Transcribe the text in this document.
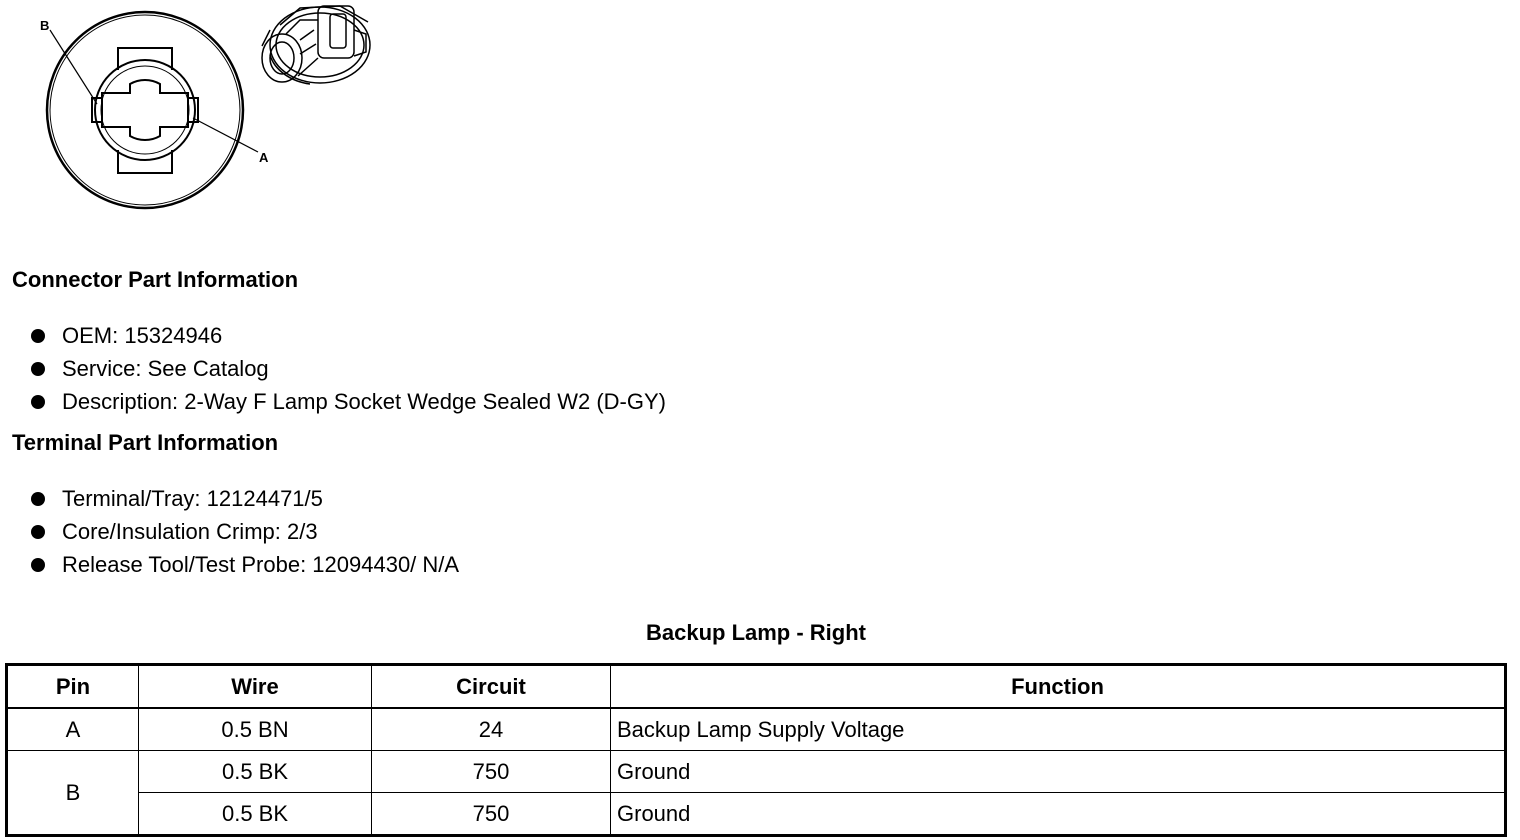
B
A
Connector Part Information
OEM: 15324946
Service: See Catalog
Description: 2-Way F Lamp Socket Wedge Sealed W2 (D-GY)
Terminal Part Information
Terminal/Tray: 12124471/5
Core/Insulation Crimp: 2/3
Release Tool/Test Probe: 12094430/ N/A
Backup Lamp - Right
Pin	Wire	Circuit	Function
A	0.5 BN	24	Backup Lamp Supply Voltage
B	0.5 BK	750	Ground
	0.5 BK	750	Ground
